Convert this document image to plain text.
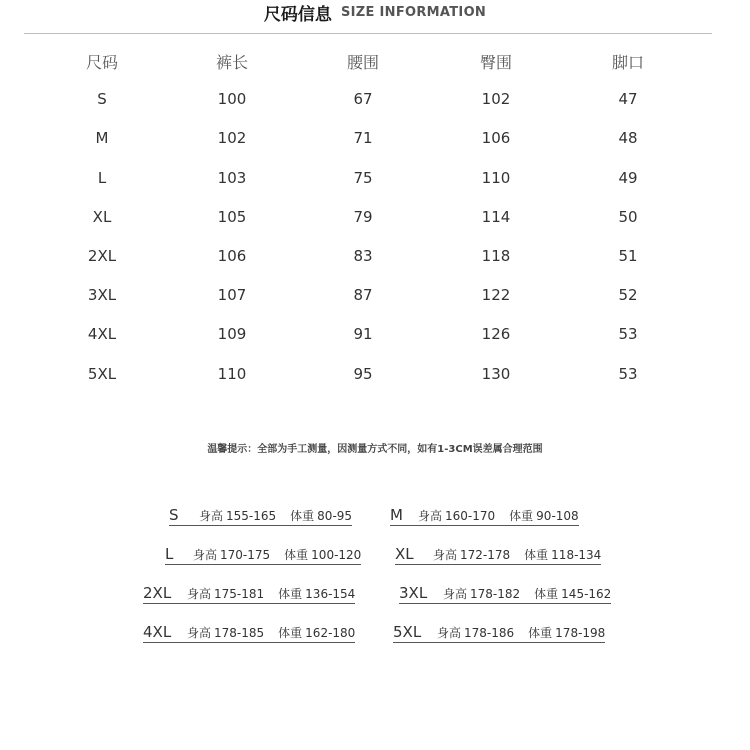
尺码信息 SIZE INFORMATION
尺码	裤长	腰围	臀围	脚口
S	100	67	102	47
M	102	71	106	48
L	103	75	110	49
XL	105	79	114	50
2XL	106	83	118	51
3XL	107	87	122	52
4XL	109	91	126	53
5XL	110	95	130	53
温馨提示：全部为手工测量，因测量方式不同，如有1-3CM误差属合理范围
S 身高 155-165 体重 80-95	M 身高 160-170 体重 90-108
L 身高 170-175 体重 100-120 XL 身高 172-178 体重 118-134
2XL 身高 175-181 体重 136-154	3XL 身高 178-182 体重 145-162
4XL 身高 178-185 体重 162-180	5XL 身高 178-186 体重 178-198
